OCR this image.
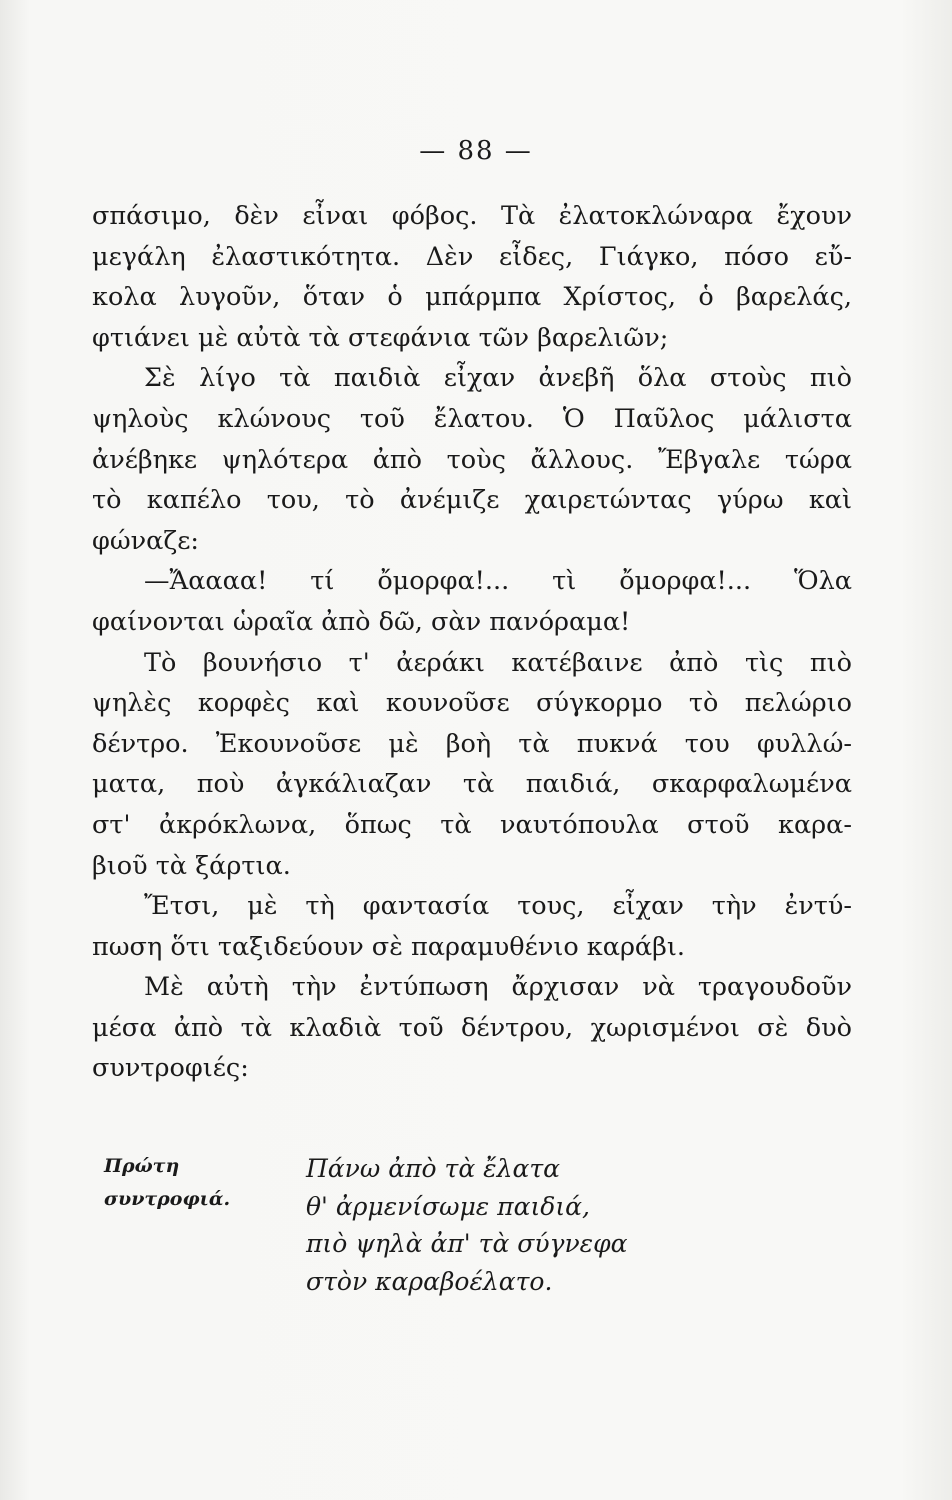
— 88 —
σπάσιμο, δὲν εἶναι φόβος. Τὰ ἐλατοκλώναρα ἔχουν
μεγάλη ἐλαστικότητα. Δὲν εἶδες, Γιάγκο, πόσο εὔ-
κολα λυγοῦν, ὅταν ὁ μπάρμπα Χρίστος, ὁ βαρελάς,
φτιάνει μὲ αὐτὰ τὰ στεφάνια τῶν βαρελιῶν;
Σὲ λίγο τὰ παιδιὰ εἶχαν ἀνεβῆ ὅλα στοὺς πιὸ
ψηλοὺς κλώνους τοῦ ἔλατου. Ὁ Παῦλος μάλιστα
ἀνέβηκε ψηλότερα ἀπὸ τοὺς ἄλλους. Ἔβγαλε τώρα
τὸ καπέλο του, τὸ ἀνέμιζε χαιρετώντας γύρω καὶ
φώναζε:
—Ἄαααα! τί ὄμορφα!... τὶ ὄμορφα!... Ὅλα
φαίνονται ὡραῖα ἀπὸ δῶ, σὰν πανόραμα!
Τὸ βουνήσιο τ' ἀεράκι κατέβαινε ἀπὸ τὶς πιὸ
ψηλὲς κορφὲς καὶ κουνοῦσε σύγκορμο τὸ πελώριο
δέντρο. Ἐκουνοῦσε μὲ βοὴ τὰ πυκνά του φυλλώ-
ματα, ποὺ ἀγκάλιαζαν τὰ παιδιά, σκαρφαλωμένα
στ' ἀκρόκλωνα, ὅπως τὰ ναυτόπουλα στοῦ καρα-
βιοῦ τὰ ξάρτια.
Ἔτσι, μὲ τὴ φαντασία τους, εἶχαν τὴν ἐντύ-
πωση ὅτι ταξιδεύουν σὲ παραμυθένιο καράβι.
Μὲ αὐτὴ τὴν ἐντύπωση ἄρχισαν νὰ τραγουδοῦν
μέσα ἀπὸ τὰ κλαδιὰ τοῦ δέντρου, χωρισμένοι σὲ δυὸ
συντροφιές:
Πρώτη
συντροφιά.
Πάνω ἀπὸ τὰ ἔλατα
θ' ἀρμενίσωμε παιδιά,
πιὸ ψηλὰ ἀπ' τὰ σύγνεφα
στὸν καραβοέλατο.
